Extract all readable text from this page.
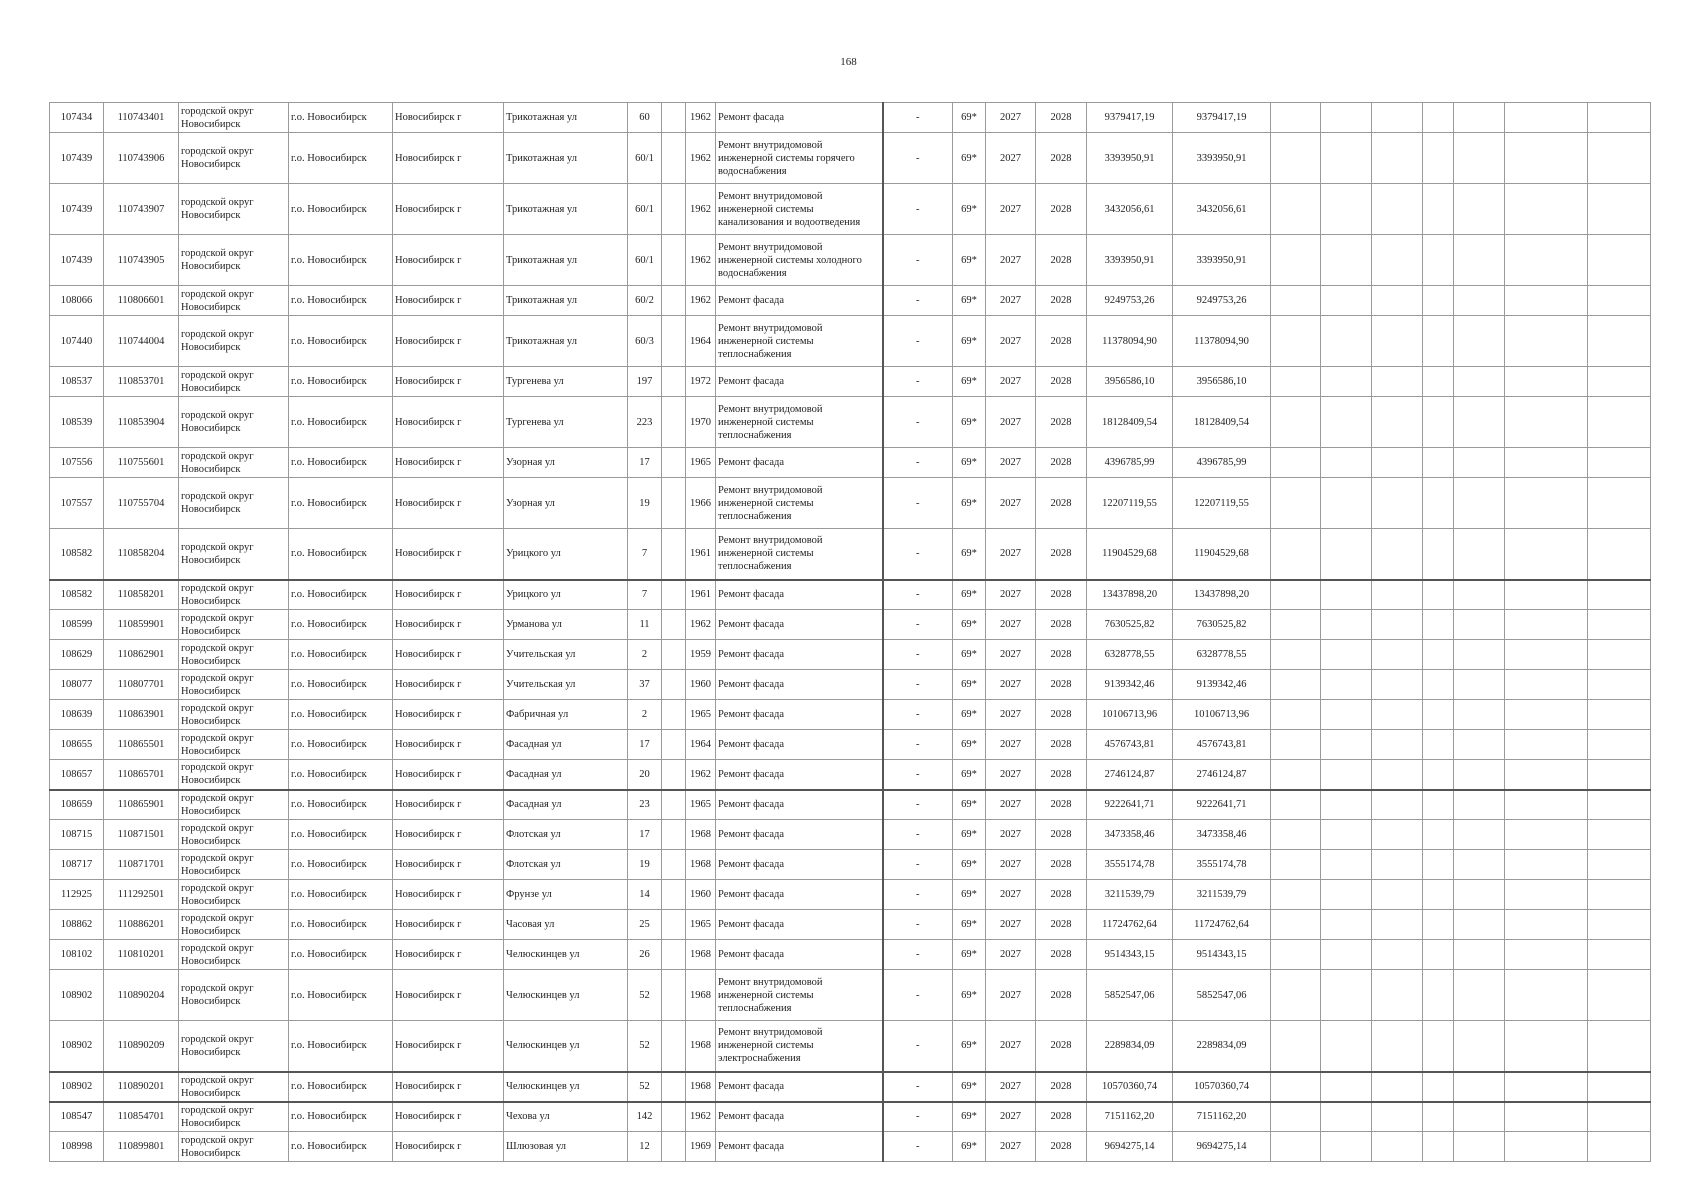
168
107434	110743401	городской округ Новосибирск	г.о. Новосибирск	Новосибирск г	Трикотажная ул	60		1962	Ремонт фасада	-	69*	2027	2028	9379417,19	9379417,19							
107439	110743906	городской округ Новосибирск	г.о. Новосибирск	Новосибирск г	Трикотажная ул	60/1		1962	Ремонт внутридомовой инженерной системы горячего водоснабжения	-	69*	2027	2028	3393950,91	3393950,91							
107439	110743907	городской округ Новосибирск	г.о. Новосибирск	Новосибирск г	Трикотажная ул	60/1		1962	Ремонт внутридомовой инженерной системы канализования и водоотведения	-	69*	2027	2028	3432056,61	3432056,61							
107439	110743905	городской округ Новосибирск	г.о. Новосибирск	Новосибирск г	Трикотажная ул	60/1		1962	Ремонт внутридомовой инженерной системы холодного водоснабжения	-	69*	2027	2028	3393950,91	3393950,91							
108066	110806601	городской округ Новосибирск	г.о. Новосибирск	Новосибирск г	Трикотажная ул	60/2		1962	Ремонт фасада	-	69*	2027	2028	9249753,26	9249753,26							
107440	110744004	городской округ Новосибирск	г.о. Новосибирск	Новосибирск г	Трикотажная ул	60/3		1964	Ремонт внутридомовой инженерной системы теплоснабжения	-	69*	2027	2028	11378094,90	11378094,90							
108537	110853701	городской округ Новосибирск	г.о. Новосибирск	Новосибирск г	Тургенева ул	197		1972	Ремонт фасада	-	69*	2027	2028	3956586,10	3956586,10							
108539	110853904	городской округ Новосибирск	г.о. Новосибирск	Новосибирск г	Тургенева ул	223		1970	Ремонт внутридомовой инженерной системы теплоснабжения	-	69*	2027	2028	18128409,54	18128409,54							
107556	110755601	городской округ Новосибирск	г.о. Новосибирск	Новосибирск г	Узорная ул	17		1965	Ремонт фасада	-	69*	2027	2028	4396785,99	4396785,99							
107557	110755704	городской округ Новосибирск	г.о. Новосибирск	Новосибирск г	Узорная ул	19		1966	Ремонт внутридомовой инженерной системы теплоснабжения	-	69*	2027	2028	12207119,55	12207119,55							
108582	110858204	городской округ Новосибирск	г.о. Новосибирск	Новосибирск г	Урицкого ул	7		1961	Ремонт внутридомовой инженерной системы теплоснабжения	-	69*	2027	2028	11904529,68	11904529,68							
108582	110858201	городской округ Новосибирск	г.о. Новосибирск	Новосибирск г	Урицкого ул	7		1961	Ремонт фасада	-	69*	2027	2028	13437898,20	13437898,20							
108599	110859901	городской округ Новосибирск	г.о. Новосибирск	Новосибирск г	Урманова ул	11		1962	Ремонт фасада	-	69*	2027	2028	7630525,82	7630525,82							
108629	110862901	городской округ Новосибирск	г.о. Новосибирск	Новосибирск г	Учительская ул	2		1959	Ремонт фасада	-	69*	2027	2028	6328778,55	6328778,55							
108077	110807701	городской округ Новосибирск	г.о. Новосибирск	Новосибирск г	Учительская ул	37		1960	Ремонт фасада	-	69*	2027	2028	9139342,46	9139342,46							
108639	110863901	городской округ Новосибирск	г.о. Новосибирск	Новосибирск г	Фабричная ул	2		1965	Ремонт фасада	-	69*	2027	2028	10106713,96	10106713,96							
108655	110865501	городской округ Новосибирск	г.о. Новосибирск	Новосибирск г	Фасадная ул	17		1964	Ремонт фасада	-	69*	2027	2028	4576743,81	4576743,81							
108657	110865701	городской округ Новосибирск	г.о. Новосибирск	Новосибирск г	Фасадная ул	20		1962	Ремонт фасада	-	69*	2027	2028	2746124,87	2746124,87							
108659	110865901	городской округ Новосибирск	г.о. Новосибирск	Новосибирск г	Фасадная ул	23		1965	Ремонт фасада	-	69*	2027	2028	9222641,71	9222641,71							
108715	110871501	городской округ Новосибирск	г.о. Новосибирск	Новосибирск г	Флотская ул	17		1968	Ремонт фасада	-	69*	2027	2028	3473358,46	3473358,46							
108717	110871701	городской округ Новосибирск	г.о. Новосибирск	Новосибирск г	Флотская ул	19		1968	Ремонт фасада	-	69*	2027	2028	3555174,78	3555174,78							
112925	111292501	городской округ Новосибирск	г.о. Новосибирск	Новосибирск г	Фрунзе ул	14		1960	Ремонт фасада	-	69*	2027	2028	3211539,79	3211539,79							
108862	110886201	городской округ Новосибирск	г.о. Новосибирск	Новосибирск г	Часовая ул	25		1965	Ремонт фасада	-	69*	2027	2028	11724762,64	11724762,64							
108102	110810201	городской округ Новосибирск	г.о. Новосибирск	Новосибирск г	Челюскинцев ул	26		1968	Ремонт фасада	-	69*	2027	2028	9514343,15	9514343,15							
108902	110890204	городской округ Новосибирск	г.о. Новосибирск	Новосибирск г	Челюскинцев ул	52		1968	Ремонт внутридомовой инженерной системы теплоснабжения	-	69*	2027	2028	5852547,06	5852547,06							
108902	110890209	городской округ Новосибирск	г.о. Новосибирск	Новосибирск г	Челюскинцев ул	52		1968	Ремонт внутридомовой инженерной системы электроснабжения	-	69*	2027	2028	2289834,09	2289834,09							
108902	110890201	городской округ Новосибирск	г.о. Новосибирск	Новосибирск г	Челюскинцев ул	52		1968	Ремонт фасада	-	69*	2027	2028	10570360,74	10570360,74							
108547	110854701	городской округ Новосибирск	г.о. Новосибирск	Новосибирск г	Чехова ул	142		1962	Ремонт фасада	-	69*	2027	2028	7151162,20	7151162,20							
108998	110899801	городской округ Новосибирск	г.о. Новосибирск	Новосибирск г	Шлюзовая ул	12		1969	Ремонт фасада	-	69*	2027	2028	9694275,14	9694275,14							
